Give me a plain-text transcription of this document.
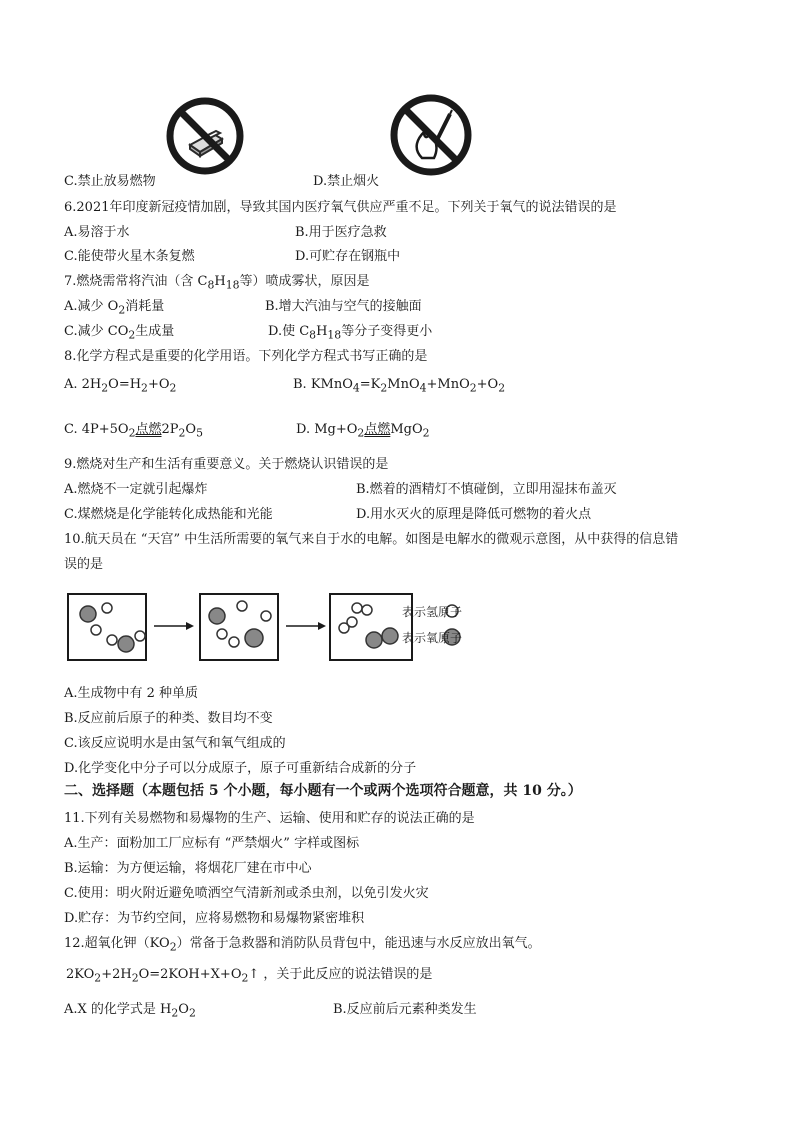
C.禁止放易燃物	D.禁止烟火
6.2021年印度新冠疫情加剧，导致其国内医疗氧气供应严重不足。下列关于氧气的说法错误的是
A.易溶于水	B.用于医疗急救
C.能使带火星木条复燃	D.可贮存在钢瓶中
7.燃烧需常将汽油（含 $C_8H_{18}$等）喷成雾状，原因是
A.减少 $O_2$消耗量	B.增大汽油与空气的接触面
C.减少 $CO_2$生成量	D.使 $C_8H_{18}$等分子变得更小
8.化学方程式是重要的化学用语。下列化学方程式书写正确的是
A. $2H_2O=H_2+O_2$	B. $KMnO_4=K_2MnO_4+MnO_2+O_2$
C. $4P+5O_2$点燃$2P_2O_5$	D. $Mg+O_2$点燃MgO$_2$
9.燃烧对生产和生活有重要意义。关于燃烧认识错误的是
A.燃烧不一定就引起爆炸	B.燃着的酒精灯不慎碰倒，立即用湿抹布盖灭
C.煤燃烧是化学能转化成热能和光能	D.用水灭火的原理是降低可燃物的着火点
10.航天员在 “天宫” 中生活所需要的氧气来自于水的电解。如图是电解水的微观示意图，从中获得的信息错
误的是
表示氢原子
表示氧原子
A.生成物中有 2 种单质
B.反应前后原子的种类、数目均不变
C.该反应说明水是由氢气和氧气组成的
D.化学变化中分子可以分成原子，原子可重新结合成新的分子
二、选择题（本题包括 5 个小题，每小题有一个或两个选项符合题意，共 10 分。）
11.下列有关易燃物和易爆物的生产、运输、使用和贮存的说法正确的是
A.生产：面粉加工厂应标有 “严禁烟火” 字样或图标
B.运输：为方便运输，将烟花厂建在市中心
C.使用：明火附近避免喷洒空气清新剂或杀虫剂，以免引发火灾
D.贮存：为节约空间，应将易燃物和易爆物紧密堆积
12.超氧化钾$(KO_2)$常备于急救器和消防队员背包中，能迅速与水反应放出氧气。
$2KO_2+2H_2O=2KOH+X+O_2↑$ ，关于此反应的说法错误的是
A.X 的化学式是 $H_2O_2$	B.反应前后元素种类发生
